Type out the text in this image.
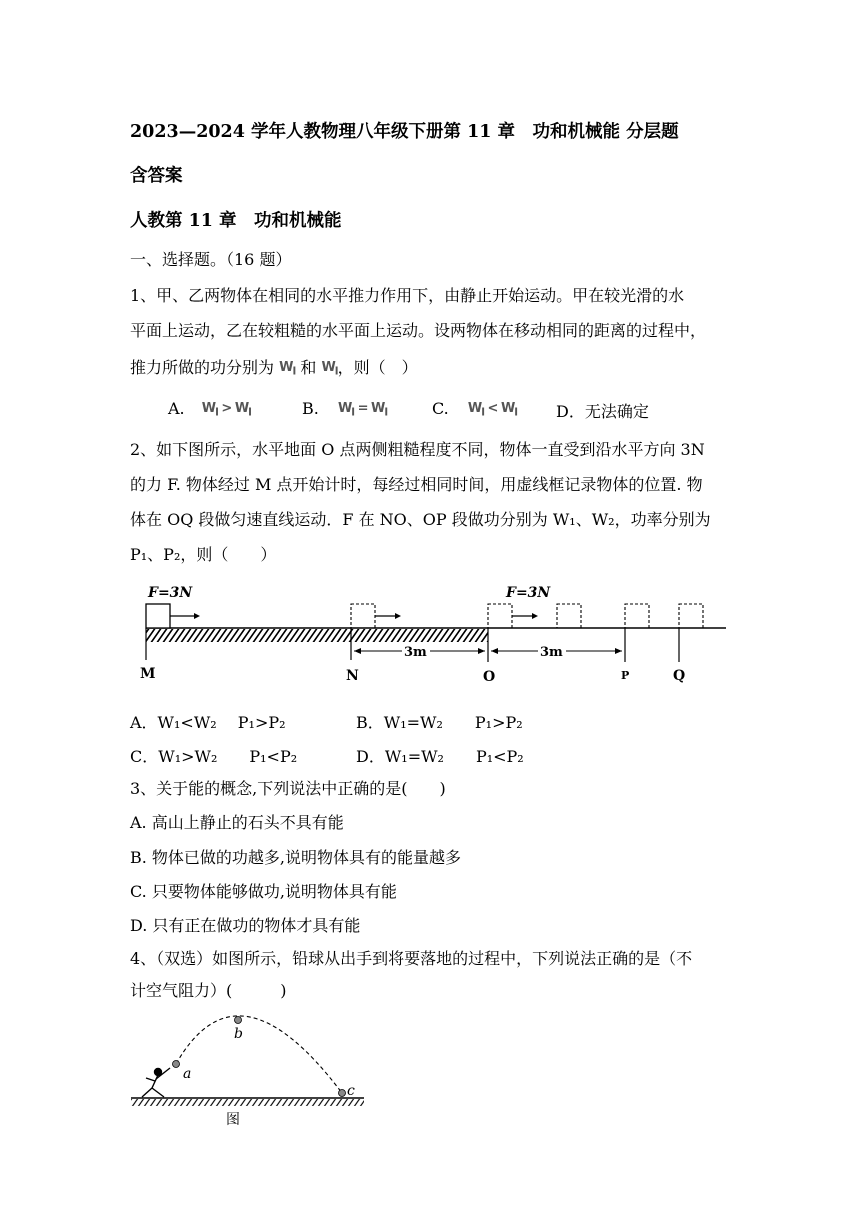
2023—2024 学年人教物理八年级下册第 11 章　功和机械能 分层题
含答案
人教第 11 章　功和机械能
一、选择题。（16 题）
1、甲、乙两物体在相同的水平推力作用下，由静止开始运动。甲在较光滑的水
平面上运动，乙在较粗糙的水平面上运动。设两物体在移动相同的距离的过程中，
推力所做的功分别为 $W_l$ 和 $W_l$，则（　）
A. $W_l > W_l$	B. $W_l = W_l$	C. $W_l < W_l$ D．无法确定
2、如下图所示，水平地面 O 点两侧粗糙程度不同，物体一直受到沿水平方向 3N
的力 F. 物体经过 M 点开始计时，每经过相同时间，用虚线框记录物体的位置. 物
体在 OQ 段做匀速直线运动．F 在 NO、OP 段做功分别为 W₁、W₂，功率分别为
P₁、P₂，则（　　）
F=3N	F=3N
3m	3m
M	N	O	P	Q
A．W₁<W₂　 P₁>P₂	B．W₁=W₂　　P₁>P₂
C．W₁>W₂　　P₁<P₂	D．W₁=W₂　　P₁<P₂
3、关于能的概念,下列说法中正确的是(　　)
A. 高山上静止的石头不具有能
B. 物体已做的功越多,说明物体具有的能量越多
C. 只要物体能够做功,说明物体具有能
D. 只有正在做功的物体才具有能
4、（双选）如图所示，铅球从出手到将要落地的过程中，下列说法正确的是（不
计空气阻力）(　　　)
a
b
c
图
